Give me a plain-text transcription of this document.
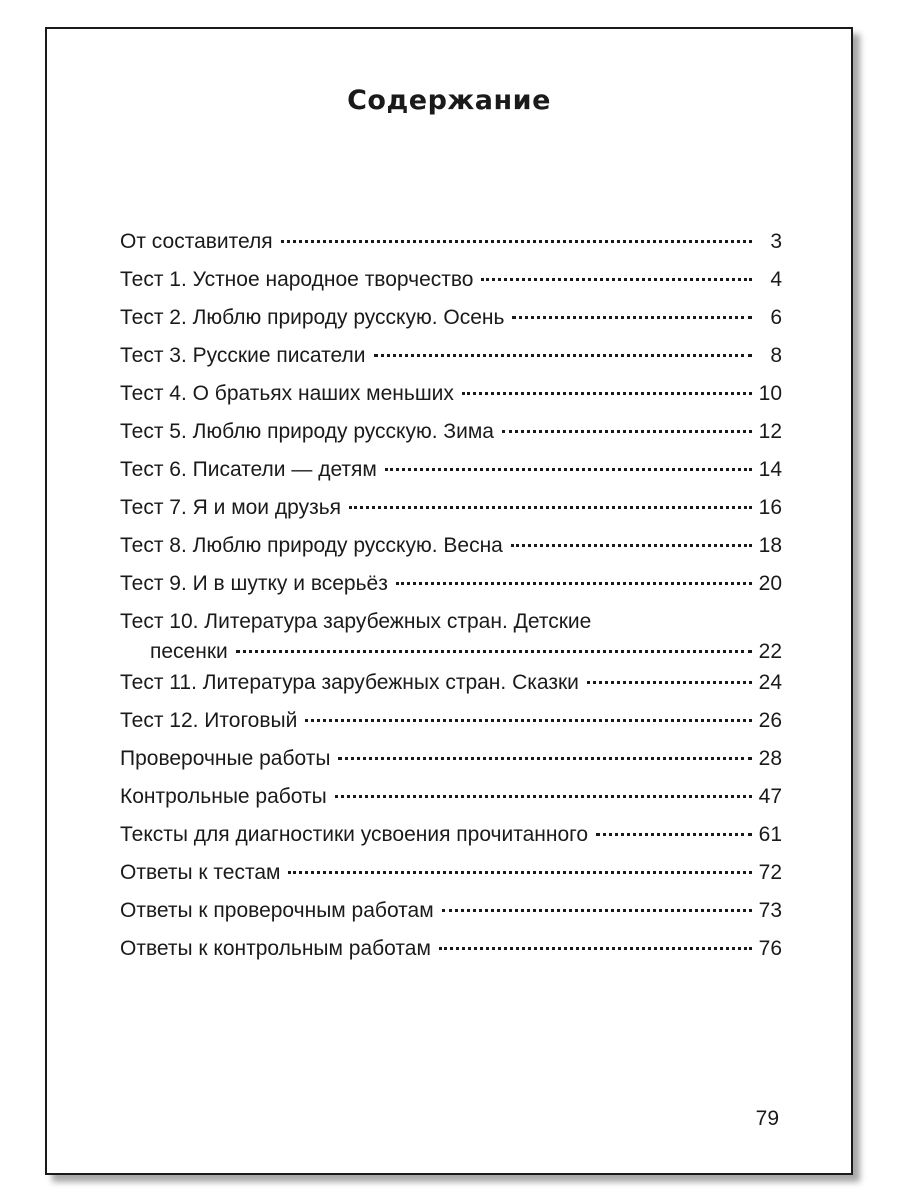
Содержание
От составителя	3
Тест 1. Устное народное творчество	4
Тест 2. Люблю природу русскую. Осень	6
Тест 3. Русские писатели	8
Тест 4. О братьях наших меньших	10
Тест 5. Люблю природу русскую. Зима	12
Тест 6. Писатели — детям	14
Тест 7. Я и мои друзья	16
Тест 8. Люблю природу русскую. Весна	18
Тест 9. И в шутку и всерьёз	20
Тест 10. Литература зарубежных стран. Детские
песенки	22
Тест 11. Литература зарубежных стран. Сказки	24
Тест 12. Итоговый	26
Проверочные работы	28
Контрольные работы	47
Тексты для диагностики усвоения прочитанного	61
Ответы к тестам	72
Ответы к проверочным работам	73
Ответы к контрольным работам	76
79
